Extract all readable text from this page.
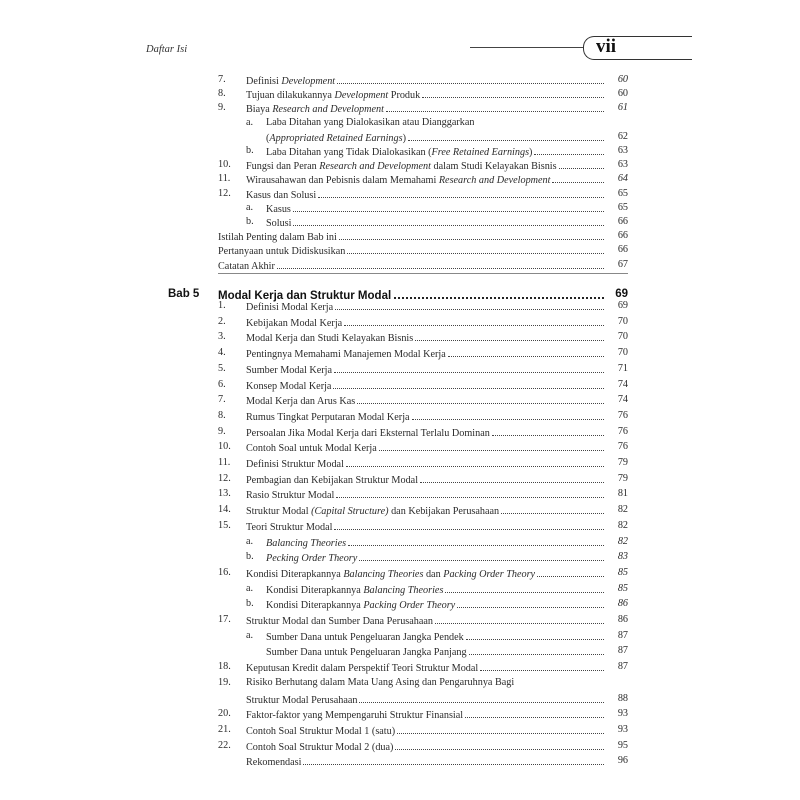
Daftar Isi	vii
7. Definisi Development	60
8. Tujuan dilakukannya Development Produk	60
9. Biaya Research and Development	61
a. Laba Ditahan yang Dialokasikan atau Dianggarkan
(Appropriated Retained Earnings)	62
b. Laba Ditahan yang Tidak Dialokasikan (Free Retained Earnings)	63
10. Fungsi dan Peran Research and Development dalam Studi Kelayakan Bisnis	63
11. Wirausahawan dan Pebisnis dalam Memahami Research and Development	64
12. Kasus dan Solusi	65
a. Kasus	65
b. Solusi	66
Istilah Penting dalam Bab ini	66
Pertanyaan untuk Didiskusikan	66
Catatan Akhir	67
Bab 5 Modal Kerja dan Struktur Modal	69
1. Definisi Modal Kerja	69
2. Kebijakan Modal Kerja	70
3. Modal Kerja dan Studi Kelayakan Bisnis	70
4. Pentingnya Memahami Manajemen Modal Kerja	70
5. Sumber Modal Kerja	71
6. Konsep Modal Kerja	74
7. Modal Kerja dan Arus Kas	74
8. Rumus Tingkat Perputaran Modal Kerja	76
9. Persoalan Jika Modal Kerja dari Eksternal Terlalu Dominan	76
10. Contoh Soal untuk Modal Kerja	76
11. Definisi Struktur Modal	79
12. Pembagian dan Kebijakan Struktur Modal	79
13. Rasio Struktur Modal	81
14. Struktur Modal (Capital Structure) dan Kebijakan Perusahaan	82
15. Teori Struktur Modal	82
a. Balancing Theories	82
b. Pecking Order Theory	83
16. Kondisi Diterapkannya Balancing Theories dan Packing Order Theory	85
a. Kondisi Diterapkannya Balancing Theories	85
b. Kondisi Diterapkannya Packing Order Theory	86
17. Struktur Modal dan Sumber Dana Perusahaan	86
a. Sumber Dana untuk Pengeluaran Jangka Pendek	87
Sumber Dana untuk Pengeluaran Jangka Panjang	87
18. Keputusan Kredit dalam Perspektif Teori Struktur Modal	87
19. Risiko Berhutang dalam Mata Uang Asing dan Pengaruhnya Bagi
Struktur Modal Perusahaan	88
20. Faktor-faktor yang Mempengaruhi Struktur Finansial	93
21. Contoh Soal Struktur Modal 1 (satu)	93
22. Contoh Soal Struktur Modal 2 (dua)	95
Rekomendasi	96
